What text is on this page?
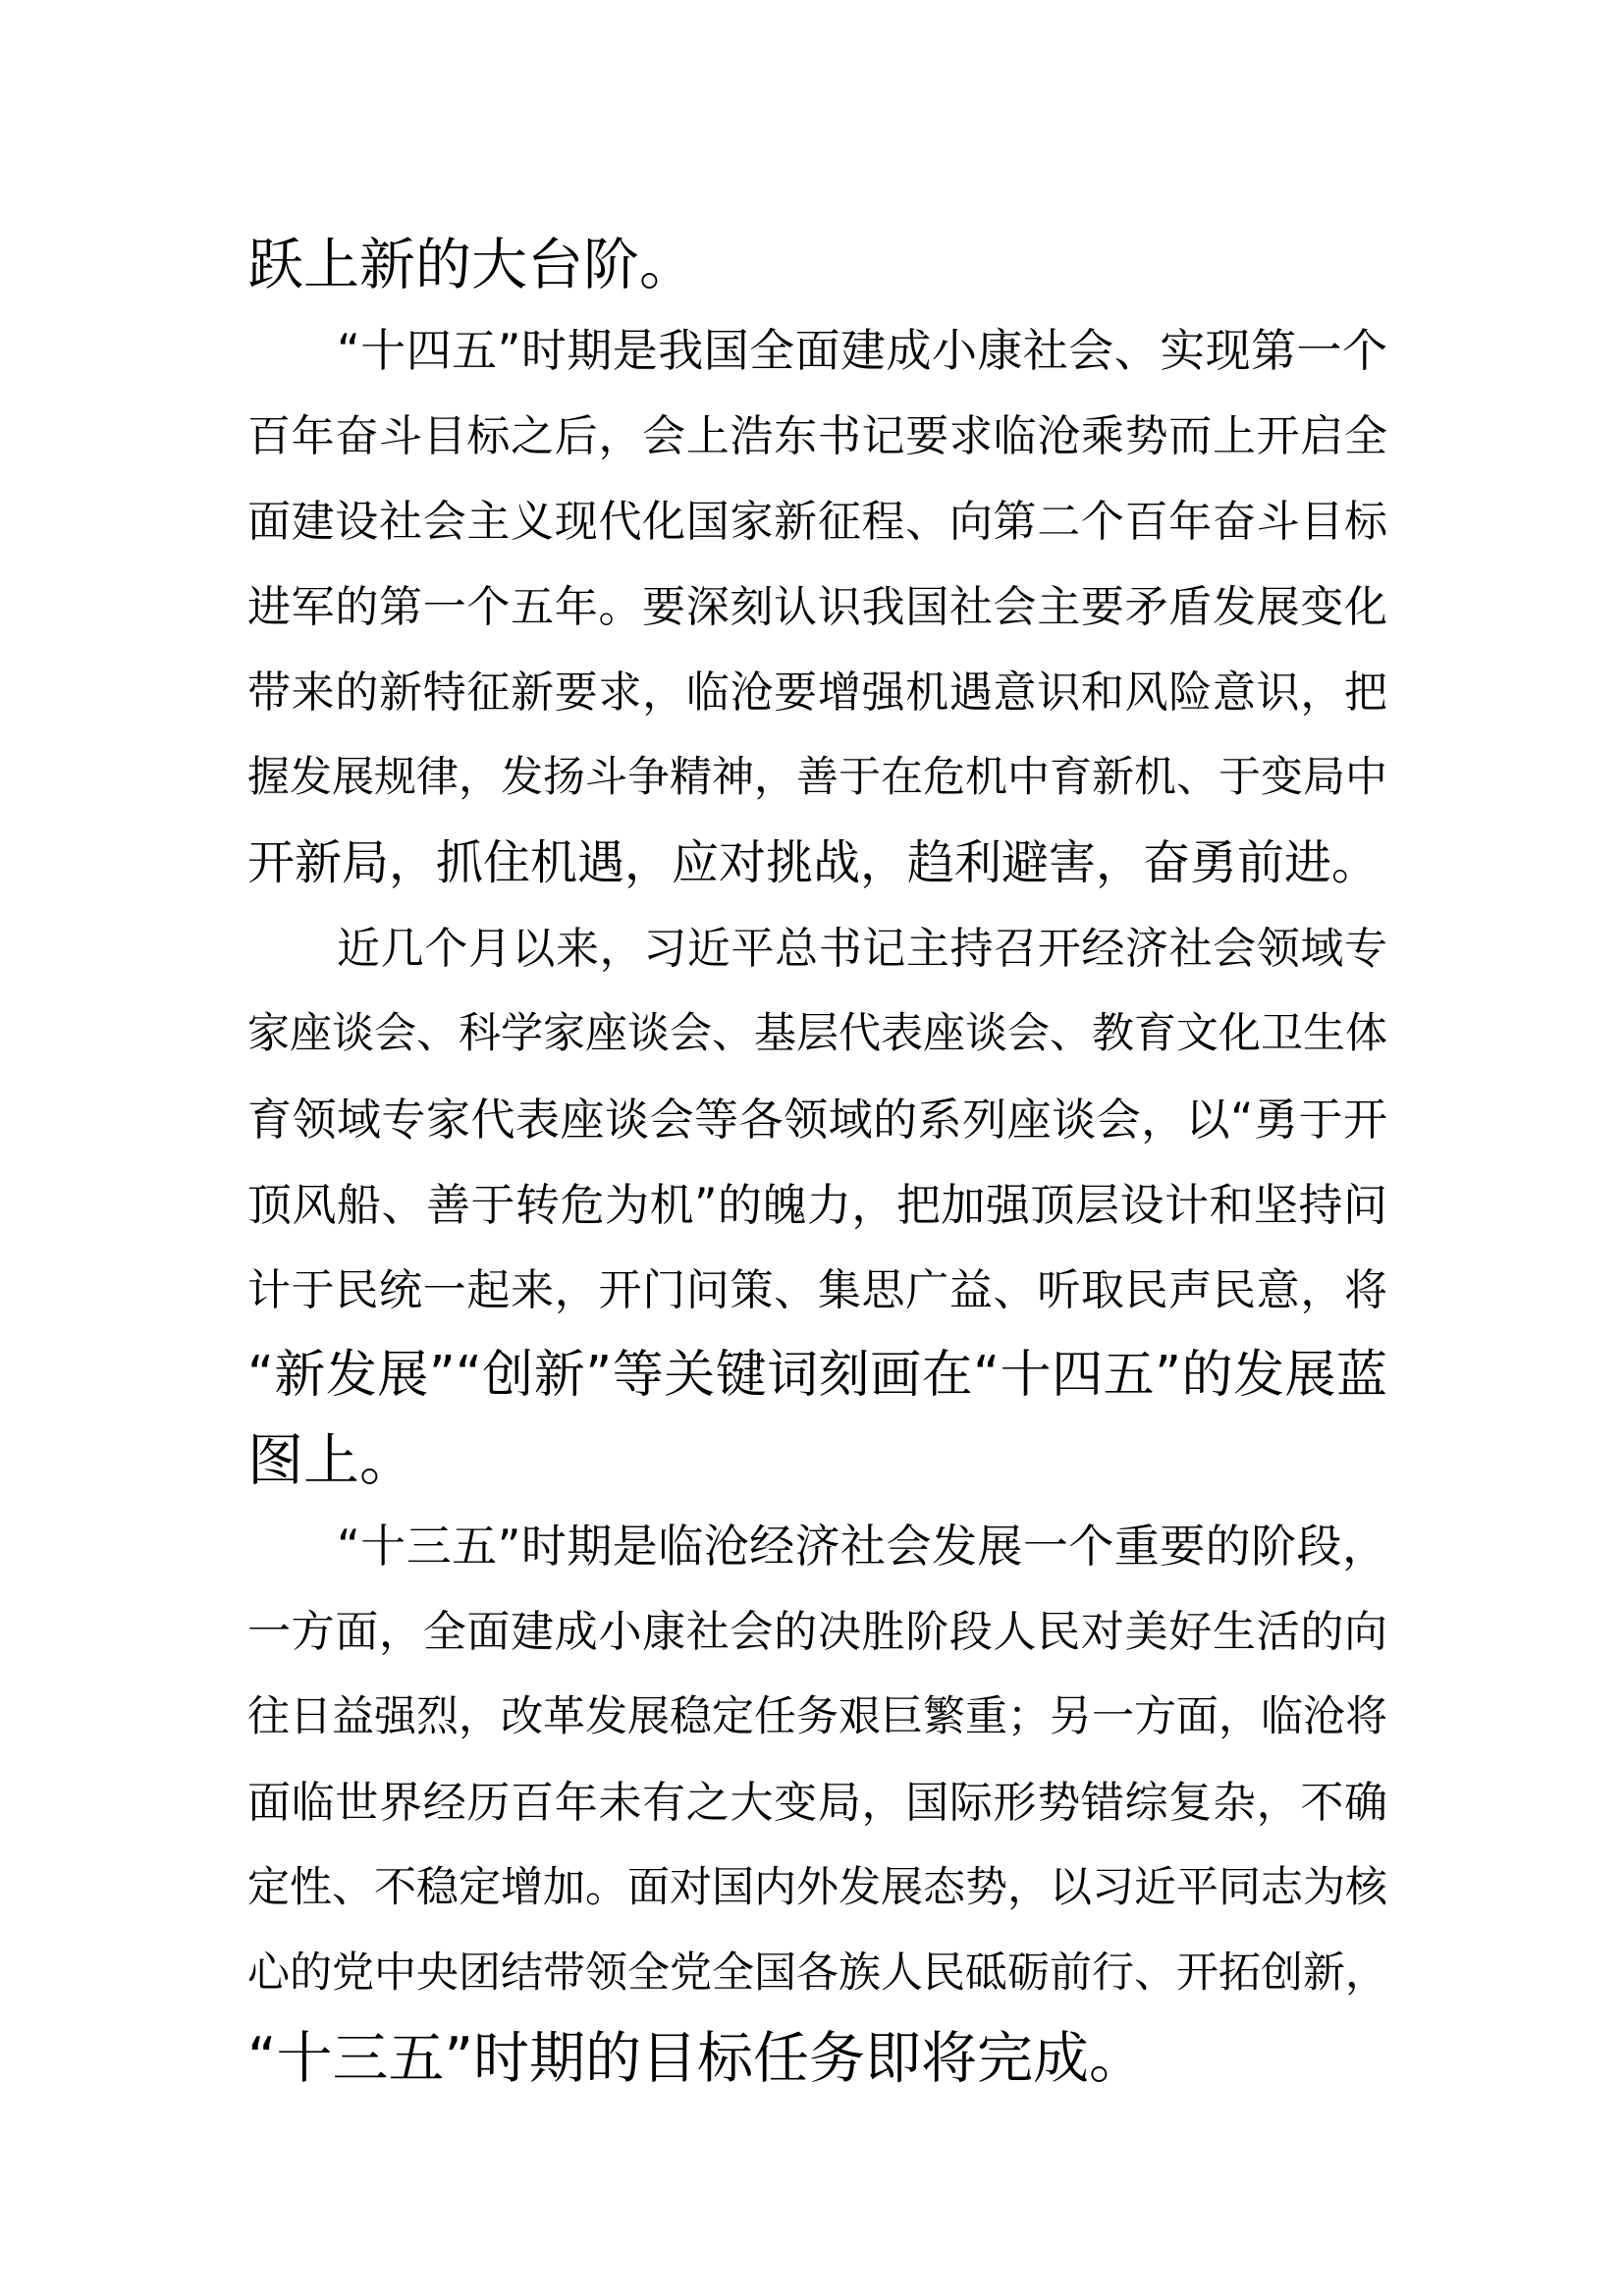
跃上新的大台阶。
“十四五”时期是我国全面建成小康社会、实现第一个
百年奋斗目标之后，会上浩东书记要求临沧乘势而上开启全
面建设社会主义现代化国家新征程、向第二个百年奋斗目标
进军的第一个五年。要深刻认识我国社会主要矛盾发展变化
带来的新特征新要求，临沧要增强机遇意识和风险意识，把
握发展规律，发扬斗争精神，善于在危机中育新机、于变局中
开新局，抓住机遇，应对挑战，趋利避害，奋勇前进。
近几个月以来，习近平总书记主持召开经济社会领域专
家座谈会、科学家座谈会、基层代表座谈会、教育文化卫生体
育领域专家代表座谈会等各领域的系列座谈会，以“勇于开
顶风船、善于转危为机”的魄力，把加强顶层设计和坚持问
计于民统一起来，开门问策、集思广益、听取民声民意，将
“新发展”“创新”等关键词刻画在“十四五”的发展蓝
图上。
“十三五”时期是临沧经济社会发展一个重要的阶段，
一方面，全面建成小康社会的决胜阶段人民对美好生活的向
往日益强烈，改革发展稳定任务艰巨繁重；另一方面，临沧将
面临世界经历百年未有之大变局，国际形势错综复杂，不确
定性、不稳定增加。面对国内外发展态势，以习近平同志为核
心的党中央团结带领全党全国各族人民砥砺前行、开拓创新，
“十三五”时期的目标任务即将完成。
